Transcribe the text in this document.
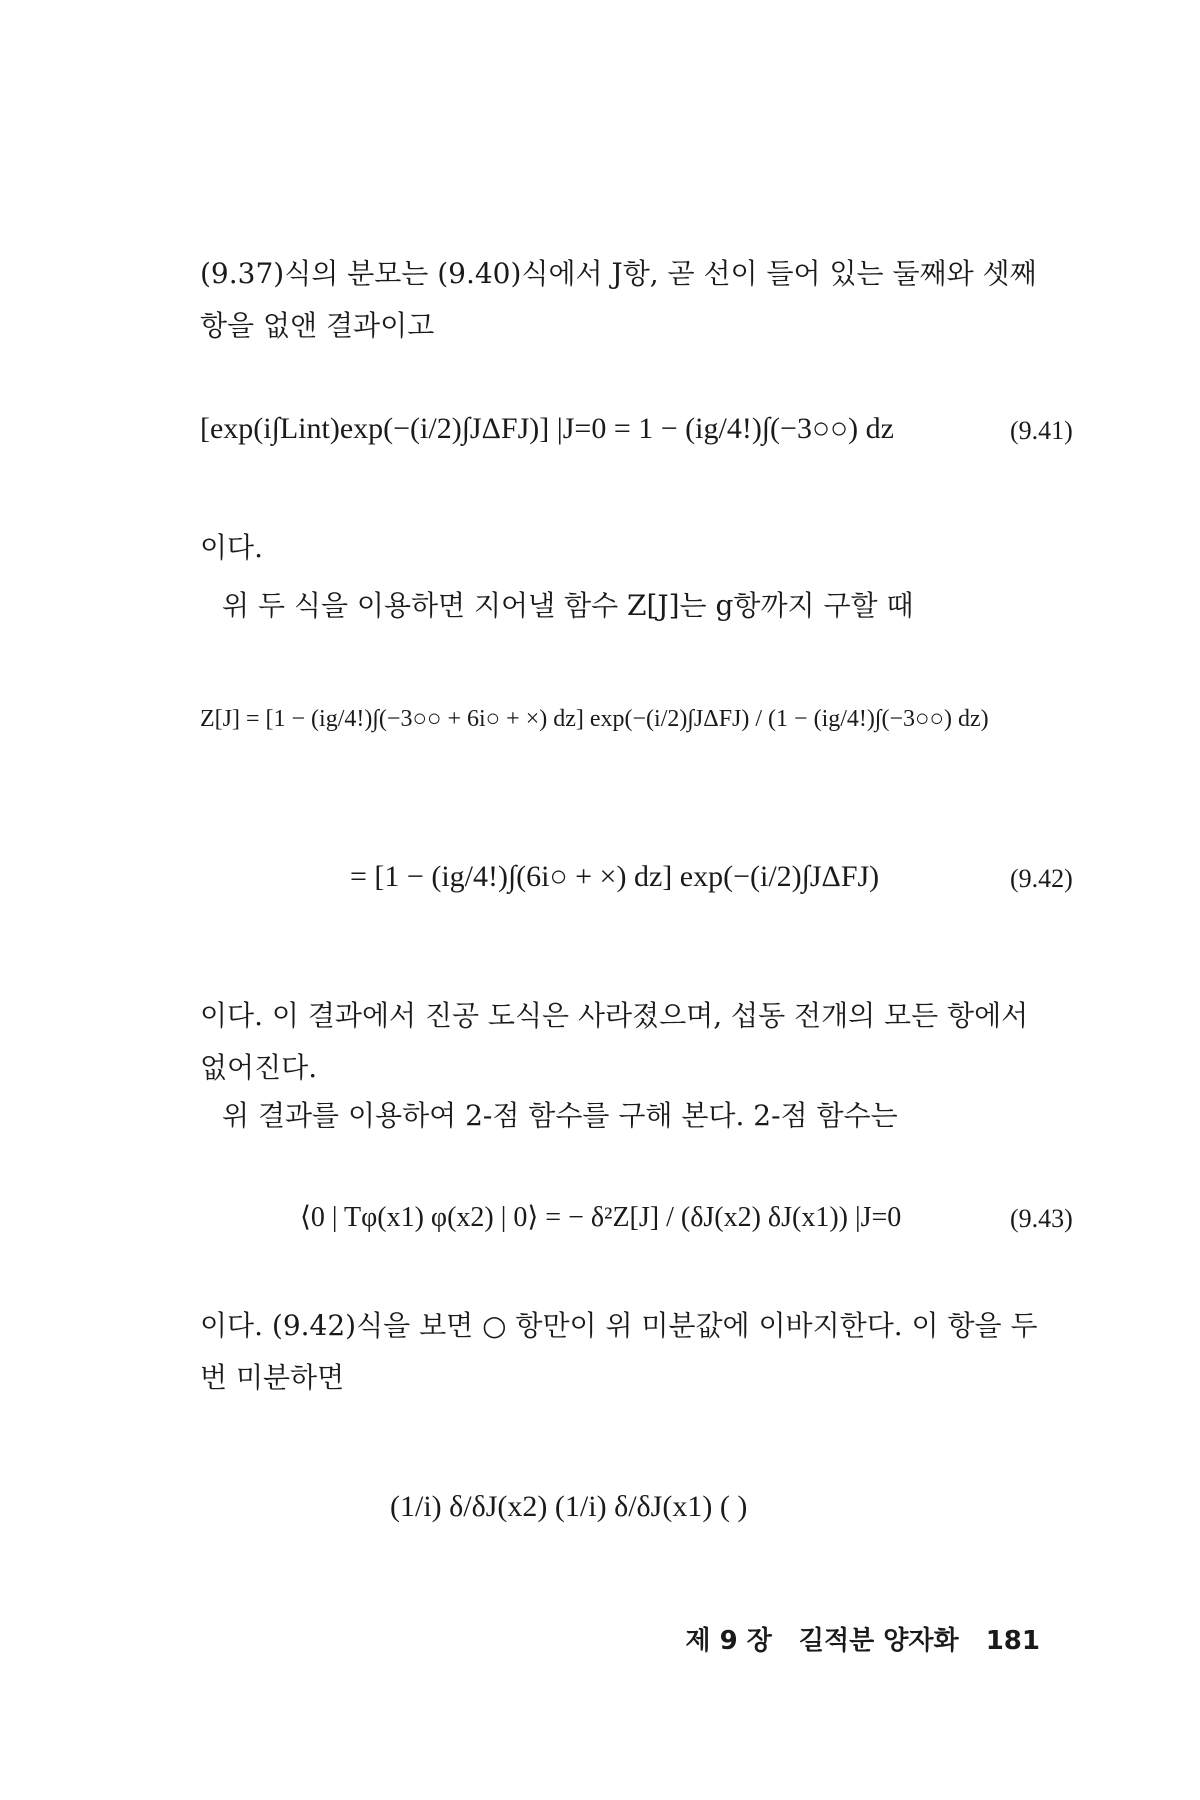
(9.37)식의 분모는 (9.40)식에서 J항, 곧 선이 들어 있는 둘째와 셋째항을 없앤 결과이고

[exp(i∫Lint)exp(−(i/2)∫JΔFJ)] |J=0 = 1 − (ig/4!)∫(−3○○) dz	(9.41)

이다.

위 두 식을 이용하면 지어낼 함수 Z[J]는 g항까지 구할 때

Z[J] = [1 − (ig/4!)∫(−3○○ + 6i○ + ×) dz] exp(−(i/2)∫JΔFJ) / (1 − (ig/4!)∫(−3○○) dz)
= [1 − (ig/4!)∫(6i○ + ×) dz] exp(−(i/2)∫JΔFJ)	(9.42)

이다. 이 결과에서 진공 도식은 사라졌으며, 섭동 전개의 모든 항에서 없어진다.

위 결과를 이용하여 2-점 함수를 구해 본다. 2-점 함수는

⟨0 | Tφ(x1) φ(x2) | 0⟩ = − δ²Z[J] / (δJ(x2) δJ(x1)) |J=0	(9.43)

이다. (9.42)식을 보면 ○ 항만이 위 미분값에 이바지한다. 이 항을 두 번 미분하면

(1/i) δ/δJ(x2) (1/i) δ/δJ(x1) ( )
제 9 장 길적분 양자화 181
